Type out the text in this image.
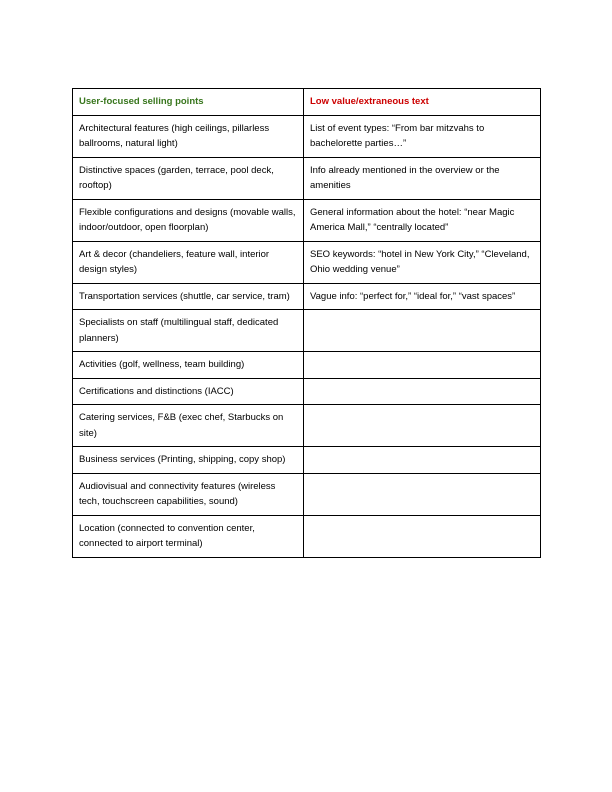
User-focused selling points	Low value/extraneous text
Architectural features (high ceilings, pillarless ballrooms, natural light)	List of event types: “From bar mitzvahs to bachelorette parties…”
Distinctive spaces (garden, terrace, pool deck, rooftop)	Info already mentioned in the overview or the amenities
Flexible configurations and designs (movable walls, indoor/outdoor, open floorplan)	General information about the hotel: “near Magic America Mall,” “centrally located”
Art & decor (chandeliers, feature wall, interior design styles)	SEO keywords: “hotel in New York City,” “Cleveland, Ohio wedding venue”
Transportation services (shuttle, car service, tram)	Vague info: “perfect for,” “ideal for,” “vast spaces”
Specialists on staff (multilingual staff, dedicated planners)	
Activities (golf, wellness, team building)	
Certifications and distinctions (IACC)	
Catering services, F&B (exec chef, Starbucks on site)	
Business services (Printing, shipping, copy shop)	
Audiovisual and connectivity features (wireless tech, touchscreen capabilities, sound)	
Location (connected to convention center, connected to airport terminal)	
